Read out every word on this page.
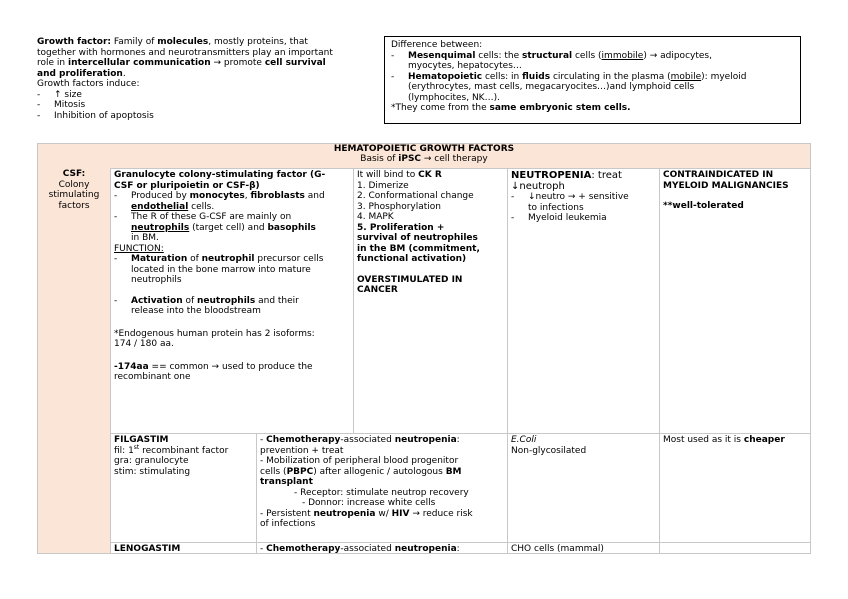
Growth factor: Family of molecules, mostly proteins, that
together with hormones and neurotransmitters play an important
role in intercellular communication → promote cell survival
and proliferation.
Growth factors induce:
- ↑ size
- Mitosis
- Inhibition of apoptosis
Difference between:
- Mesenquimal cells: the structural cells (immobile) → adipocytes,
myocytes, hepatocytes…
- Hematopoietic cells: in fluids circulating in the plasma (mobile): myeloid
(erythrocytes, mast cells, megacaryocites…)and lymphoid cells
(lymphocites, NK…).
*They come from the same embryonic stem cells.
HEMATOPOIETIC GROWTH FACTORS
Basis of iPSC → cell therapy
CSF:
Colony
stimulating
factors
Granulocyte colony-stimulating factor (G-
CSF or pluripoietin or CSF-β)
- Produced by monocytes, fibroblasts and
endothelial cells.
- The R of these G-CSF are mainly on
neutrophils (target cell) and basophils
in BM.
FUNCTION:
- Maturation of neutrophil precursor cells
located in the bone marrow into mature
neutrophils
- Activation of neutrophils and their
release into the bloodstream
*Endogenous human protein has 2 isoforms:
174 / 180 aa.
-174aa == common → used to produce the
recombinant one
It will bind to CK R
1. Dimerize
2. Conformational change
3. Phosphorylation
4. MAPK
5. Proliferation +
survival of neutrophiles
in the BM (commitment,
functional activation)
OVERSTIMULATED IN
CANCER
NEUTROPENIA: treat
↓neutroph
- ↓neutro → + sensitive
to infections
- Myeloid leukemia
CONTRAINDICATED IN
MYELOID MALIGNANCIES
**well-tolerated
FILGASTIM
fil: 1st recombinant factor
gra: granulocyte
stim: stimulating
- Chemotherapy-associated neutropenia:
prevention + treat
- Mobilization of peripheral blood progenitor
cells (PBPC) after allogenic / autologous BM
transplant
- Receptor: stimulate neutrop recovery
- Donnor: increase white cells
- Persistent neutropenia w/ HIV → reduce risk
of infections
E.Coli
Non-glycosilated
Most used as it is cheaper
LENOGASTIM	- Chemotherapy-associated neutropenia:	CHO cells (mammal)
